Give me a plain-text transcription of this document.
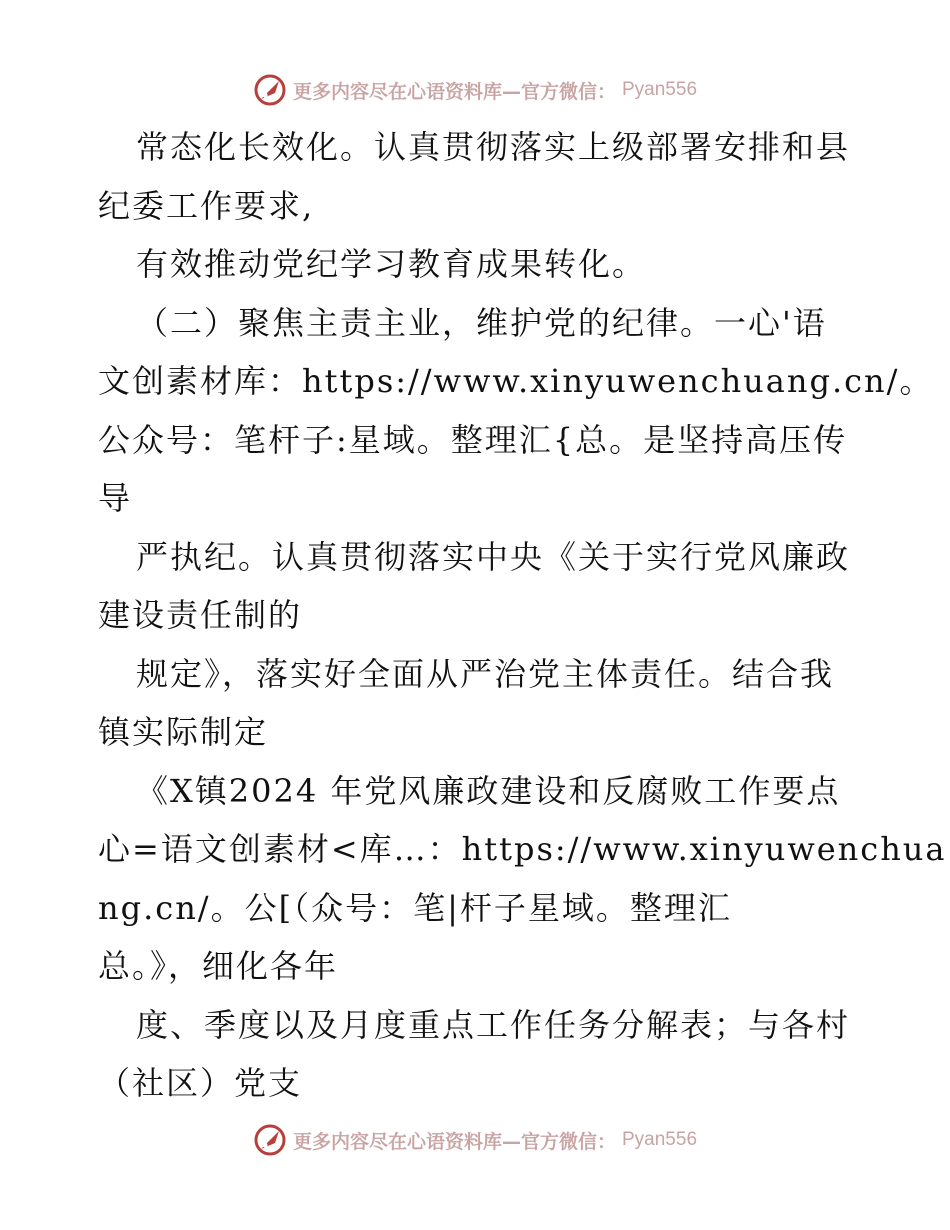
更多内容尽在心语资料库—官方微信： Pyan556
常态化长效化。认真贯彻落实上级部署安排和县
纪委工作要求,
有效推动党纪学习教育成果转化。
（二）聚焦主责主业，维护党的纪律。一心'语
文创素材库：https://www.xinyuwenchuang.cn/。
公众号：笔杆子:星域。整理汇{总。是坚持高压传
导
严执纪。认真贯彻落实中央《关于实行党风廉政
建设责任制的
规定》，落实好全面从严治党主体责任。结合我
镇实际制定
《X镇2024 年党风廉政建设和反腐败工作要点
心=语文创素材<库…：https://www.xinyuwenchua
ng.cn/。公[（众号：笔|杆子星域。整理汇
总。》，细化各年
度、季度以及月度重点工作任务分解表；与各村
（社区）党支
更多内容尽在心语资料库—官方微信： Pyan556
